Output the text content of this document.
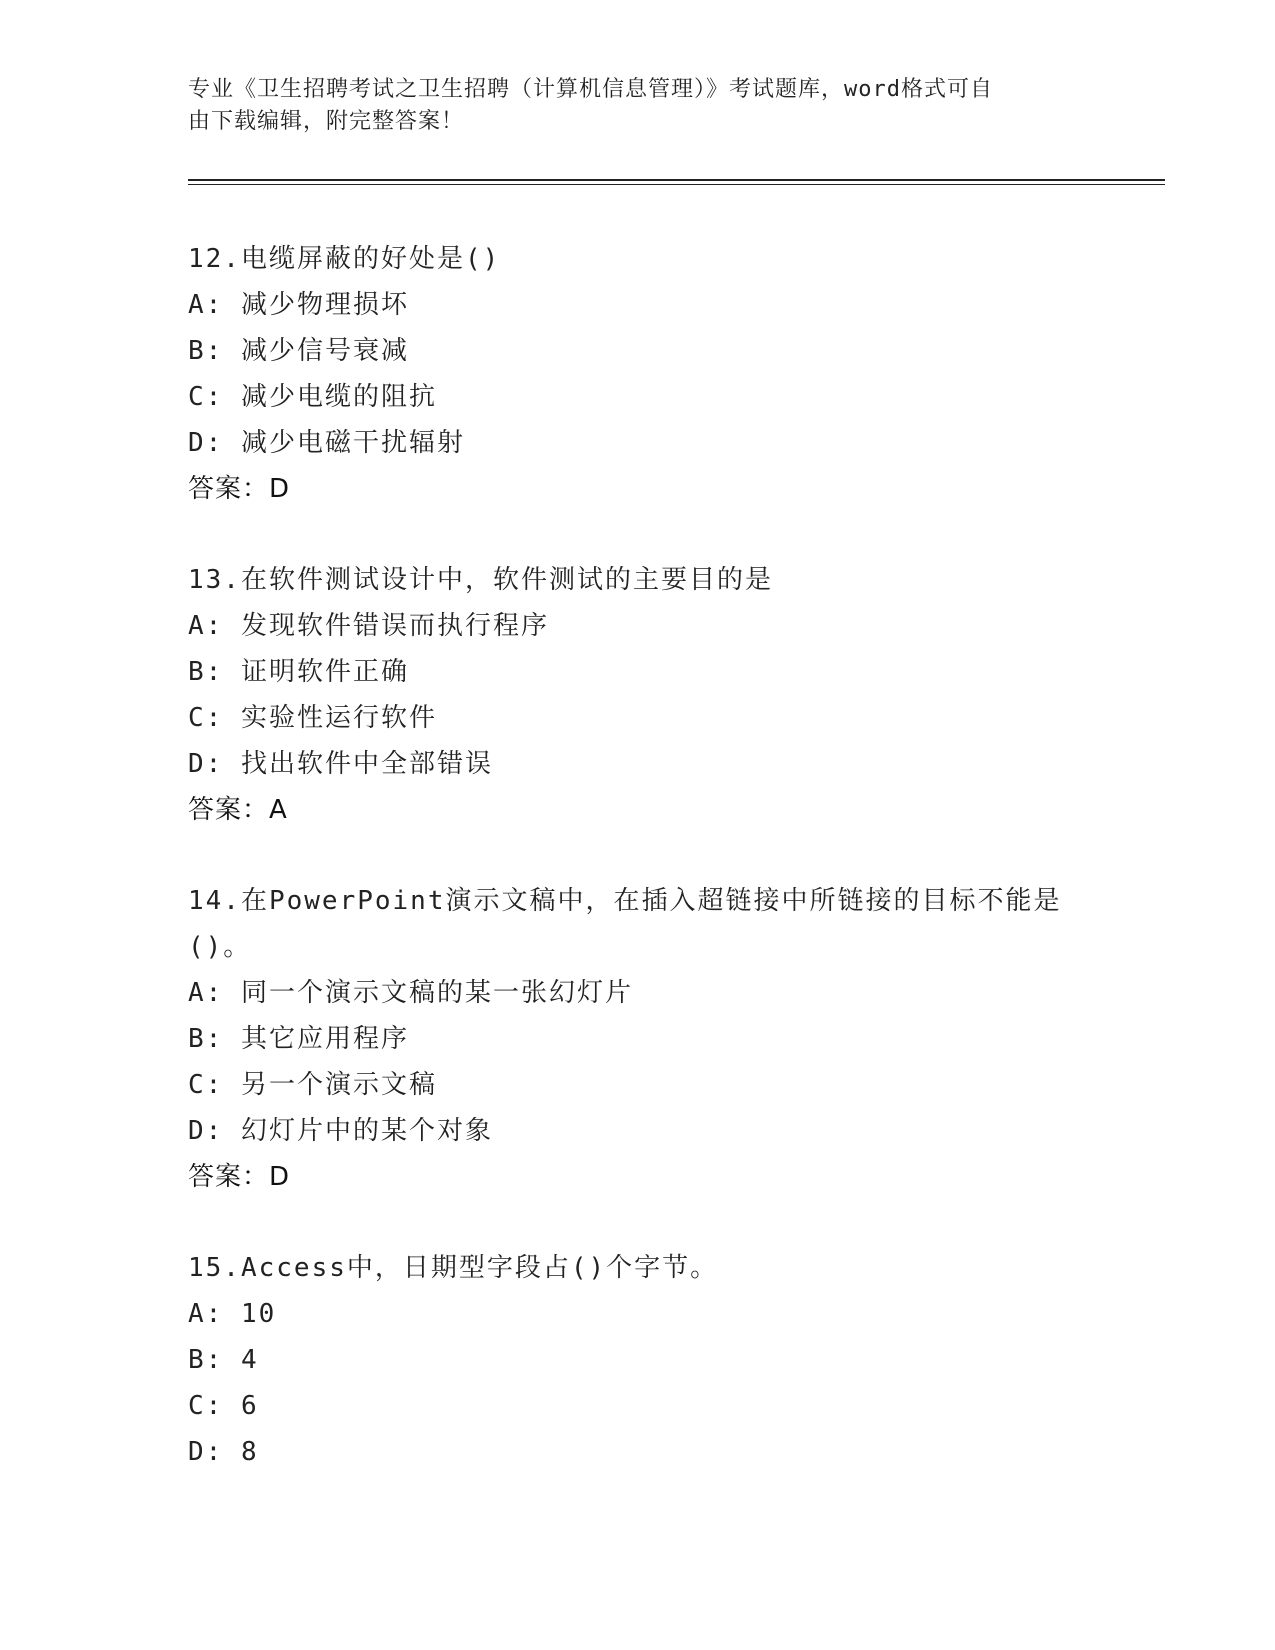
专业《卫生招聘考试之卫生招聘（计算机信息管理）》考试题库，word格式可自
由下载编辑，附完整答案！
12.电缆屏蔽的好处是()
A: 减少物理损坏
B: 减少信号衰减
C: 减少电缆的阻抗
D: 减少电磁干扰辐射
答案：D
13.在软件测试设计中，软件测试的主要目的是
A: 发现软件错误而执行程序
B: 证明软件正确
C: 实验性运行软件
D: 找出软件中全部错误
答案：A
14.在PowerPoint演示文稿中，在插入超链接中所链接的目标不能是
()。
A: 同一个演示文稿的某一张幻灯片
B: 其它应用程序
C: 另一个演示文稿
D: 幻灯片中的某个对象
答案：D
15.Access中，日期型字段占()个字节。
A: 10
B: 4
C: 6
D: 8
